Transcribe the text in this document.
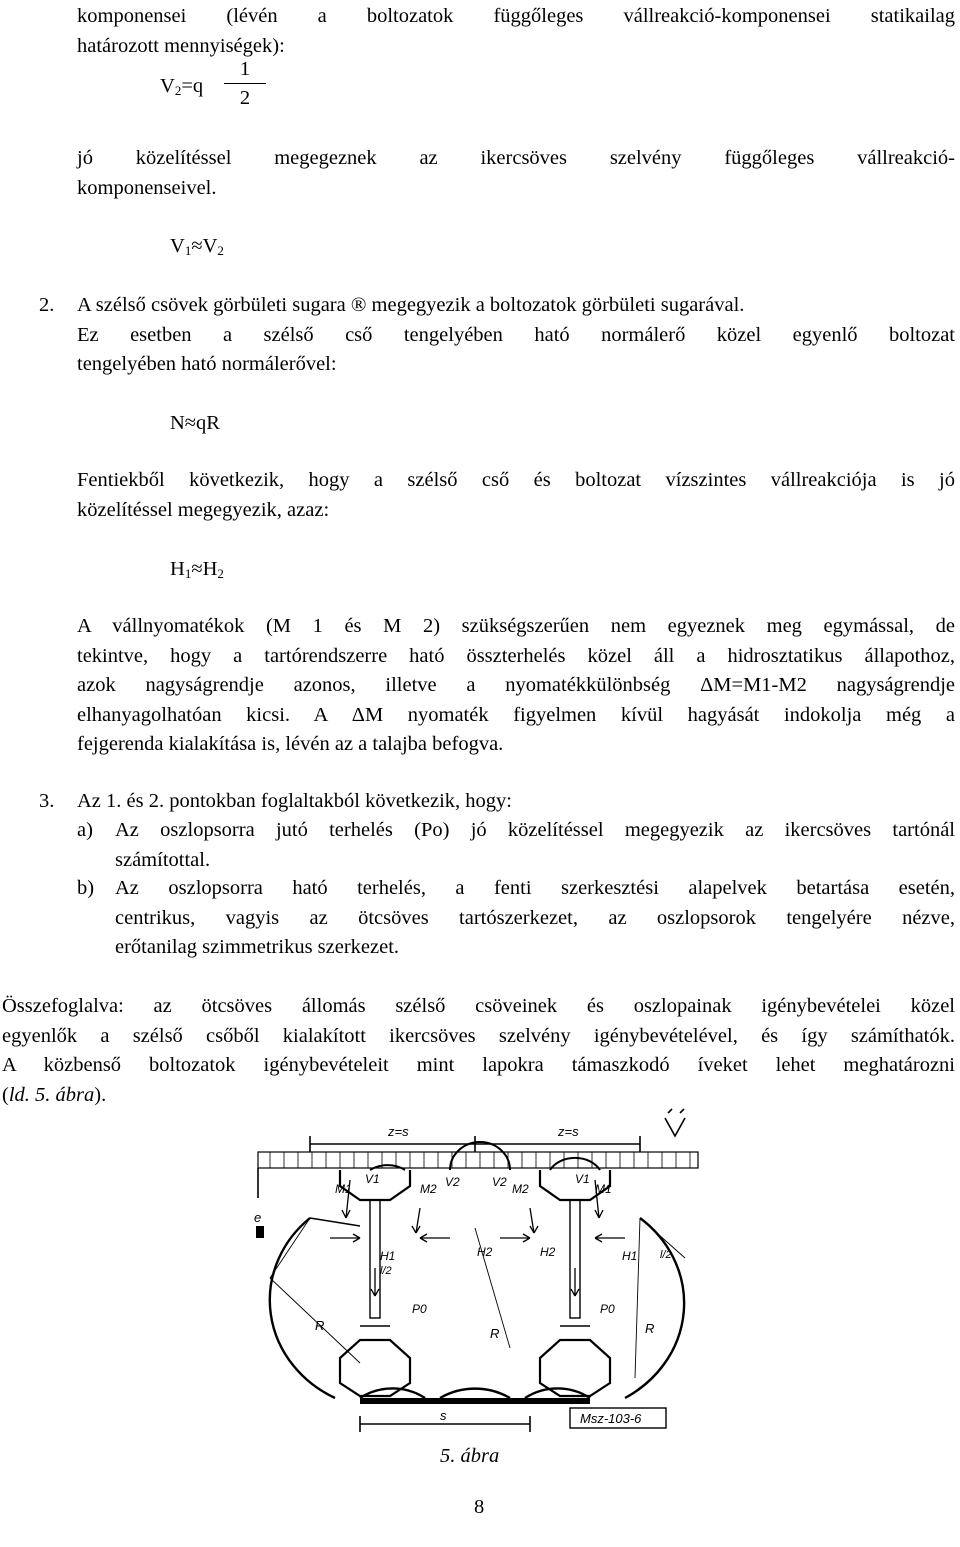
komponensei (lévén a boltozatok függőleges vállreakció-komponensei statikailag
határozott mennyiségek):
$V_2=q$
1
2
jó közelítéssel megegeznek az ikercsöves szelvény függőleges vállreakció-
komponenseivel.
$V_1\approx V_2$
2. A szélső csövek görbületi sugara ® megegyezik a boltozatok görbületi sugarával.
Ez esetben a szélső cső tengelyében ható normálerő közel egyenlő boltozat
tengelyében ható normálerővel:
N≈qR
Fentiekből következik, hogy a szélső cső és boltozat vízszintes vállreakciója is jó
közelítéssel megegyezik, azaz:
$H_1\approx H_2$
A vállnyomatékok (M 1 és M 2) szükségszerűen nem egyeznek meg egymással, de
tekintve, hogy a tartórendszerre ható összterhelés közel áll a hidrosztatikus állapothoz,
azok nagyságrendje azonos, illetve a nyomatékkülönbség ΔM=M1-M2 nagyságrendje
elhanyagolhatóan kicsi. A ΔM nyomaték figyelmen kívül hagyását indokolja még a
fejgerenda kialakítása is, lévén az a talajba befogva.
3. Az 1. és 2. pontokban foglaltakból következik, hogy:
a) Az oszlopsorra jutó terhelés (Po) jó közelítéssel megegyezik az ikercsöves tartónál
számítottal.
b) Az oszlopsorra ható terhelés, a fenti szerkesztési alapelvek betartása esetén,
centrikus, vagyis az ötcsöves tartószerkezet, az oszlopsorok tengelyére nézve,
erőtanilag szimmetrikus szerkezet.
Összefoglalva: az ötcsöves állomás szélső csöveinek és oszlopainak igénybevételei közel
egyenlők a szélső csőből kialakított ikercsöves szelvény igénybevételével, és így számíthatók.
A közbenső boltozatok igénybevételeit mint lapokra támaszkodó íveket lehet meghatározni
(ld. 5. ábra).
z=s	z=s
e
M1
V1
M2 V2	M2
V2	M1
V1
H1	H2	H2	H1
l/2
l/2
P0	P0
R
R	R
s	Msz-103-6
5. ábra
8
